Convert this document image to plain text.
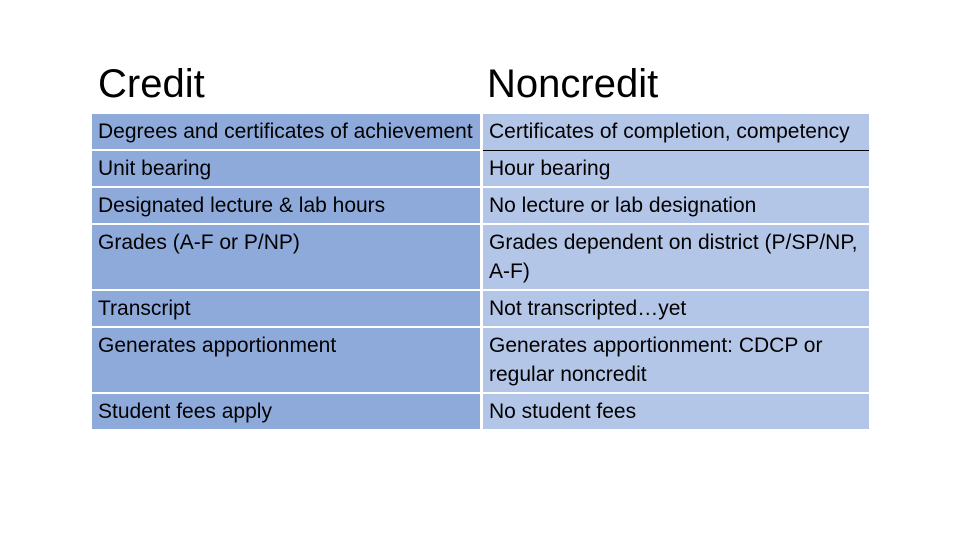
Credit	Noncredit
Degrees and certificates of achievement	Certificates of completion, competency

Unit bearing	Hour bearing

Designated lecture & lab hours	No lecture or lab designation

Grades (A-F or P/NP)	Grades dependent on district (P/SP/NP, A-F)

Transcript	Not transcripted…yet

Generates apportionment	Generates apportionment: CDCP or regular noncredit

Student fees apply	No student fees
